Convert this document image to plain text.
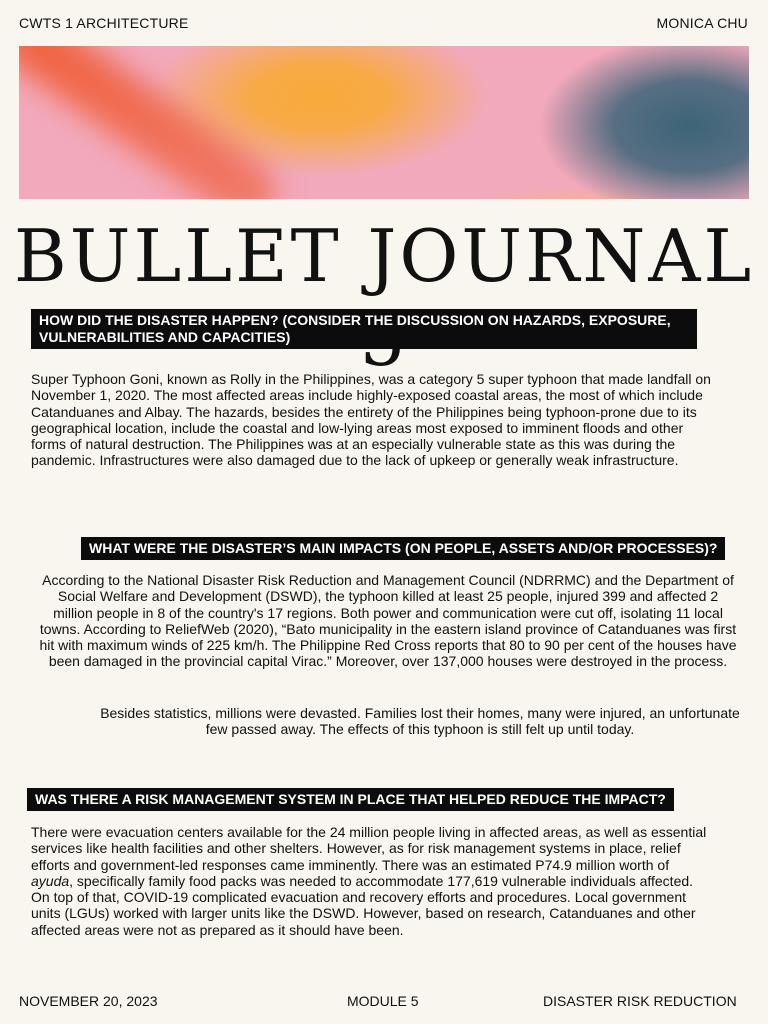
CWTS 1 ARCHITECTURE	MONICA CHU
BULLET JOURNAL
HOW DID THE DISASTER HAPPEN? (CONSIDER THE DISCUSSION ON HAZARDS, EXPOSURE, VULNERABILITIES AND CAPACITIES)
Super Typhoon Goni, known as Rolly in the Philippines, was a category 5 super typhoon that made landfall on November 1, 2020. The most affected areas include highly-exposed coastal areas, the most of which include Catanduanes and Albay. The hazards, besides the entirety of the Philippines being typhoon-prone due to its geographical location, include the coastal and low-lying areas most exposed to imminent floods and other forms of natural destruction. The Philippines was at an especially vulnerable state as this was during the pandemic. Infrastructures were also damaged due to the lack of upkeep or generally weak infrastructure.
WHAT WERE THE DISASTER’S MAIN IMPACTS (ON PEOPLE, ASSETS AND/OR PROCESSES)?
According to the National Disaster Risk Reduction and Management Council (NDRRMC) and the Department of Social Welfare and Development (DSWD), the typhoon killed at least 25 people, injured 399 and affected 2 million people in 8 of the country's 17 regions. Both power and communication were cut off, isolating 11 local towns. According to ReliefWeb (2020), “Bato municipality in the eastern island province of Catanduanes was first hit with maximum winds of 225 km/h. The Philippine Red Cross reports that 80 to 90 per cent of the houses have been damaged in the provincial capital Virac.” Moreover, over 137,000 houses were destroyed in the process.
Besides statistics, millions were devasted. Families lost their homes, many were injured, an unfortunate few passed away. The effects of this typhoon is still felt up until today.
WAS THERE A RISK MANAGEMENT SYSTEM IN PLACE THAT HELPED REDUCE THE IMPACT?
There were evacuation centers available for the 24 million people living in affected areas, as well as essential services like health facilities and other shelters. However, as for risk management systems in place, relief efforts and government-led responses came imminently. There was an estimated P74.9 million worth of ayuda, specifically family food packs was needed to accommodate 177,619 vulnerable individuals affected. On top of that, COVID-19 complicated evacuation and recovery efforts and procedures. Local government units (LGUs) worked with larger units like the DSWD. However, based on research, Catanduanes and other affected areas were not as prepared as it should have been.
NOVEMBER 20, 2023	MODULE 5	DISASTER RISK REDUCTION
